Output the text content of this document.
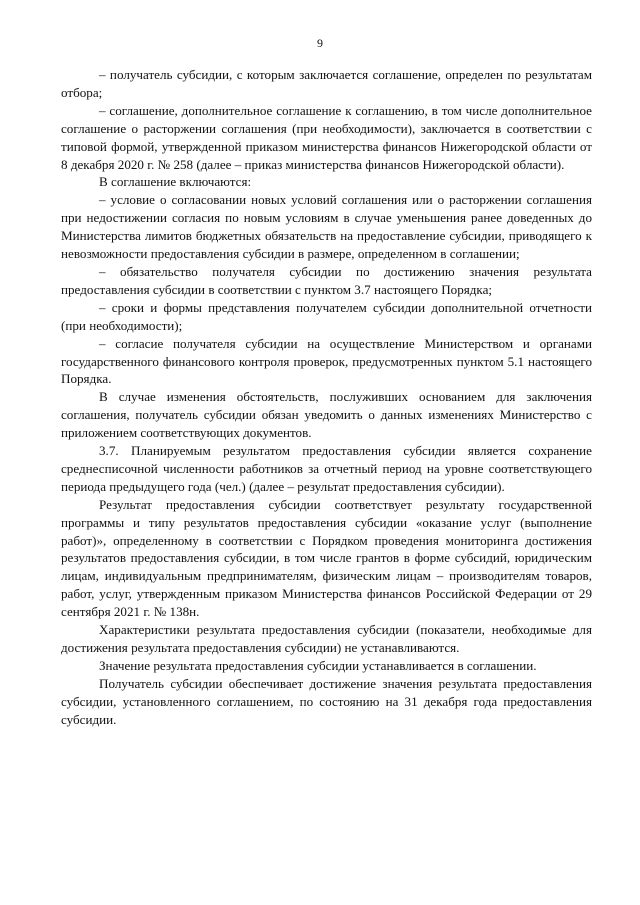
9

– получатель субсидии, с которым заключается соглашение, определен по результатам отбора;

– соглашение, дополнительное соглашение к соглашению, в том числе дополнительное соглашение о расторжении соглашения (при необходимости), заключается в соответствии с типовой формой, утвержденной приказом министерства финансов Нижегородской области от 8 декабря 2020 г. № 258 (далее – приказ министерства финансов Нижегородской области).

В соглашение включаются:

– условие о согласовании новых условий соглашения или о расторжении соглашения при недостижении согласия по новым условиям в случае уменьшения ранее доведенных до Министерства лимитов бюджетных обязательств на предоставление субсидии, приводящего к невозможности предоставления субсидии в размере, определенном в соглашении;

– обязательство получателя субсидии по достижению значения результата предоставления субсидии в соответствии с пунктом 3.7 настоящего Порядка;

– сроки и формы представления получателем субсидии дополнительной отчетности (при необходимости);

– согласие получателя субсидии на осуществление Министерством и органами государственного финансового контроля проверок, предусмотренных пунктом 5.1 настоящего Порядка.

В случае изменения обстоятельств, послуживших основанием для заключения соглашения, получатель субсидии обязан уведомить о данных изменениях Министерство с приложением соответствующих документов.

3.7. Планируемым результатом предоставления субсидии является сохранение среднесписочной численности работников за отчетный период на уровне соответствующего периода предыдущего года (чел.) (далее – результат предоставления субсидии).

Результат предоставления субсидии соответствует результату государственной программы и типу результатов предоставления субсидии «оказание услуг (выполнение работ)», определенному в соответствии с Порядком проведения мониторинга достижения результатов предоставления субсидии, в том числе грантов в форме субсидий, юридическим лицам, индивидуальным предпринимателям, физическим лицам – производителям товаров, работ, услуг, утвержденным приказом Министерства финансов Российской Федерации от 29 сентября 2021 г. № 138н.

Характеристики результата предоставления субсидии (показатели, необходимые для достижения результата предоставления субсидии) не устанавливаются.

Значение результата предоставления субсидии устанавливается в соглашении.

Получатель субсидии обеспечивает достижение значения результата предоставления субсидии, установленного соглашением, по состоянию на 31 декабря года предоставления субсидии.
